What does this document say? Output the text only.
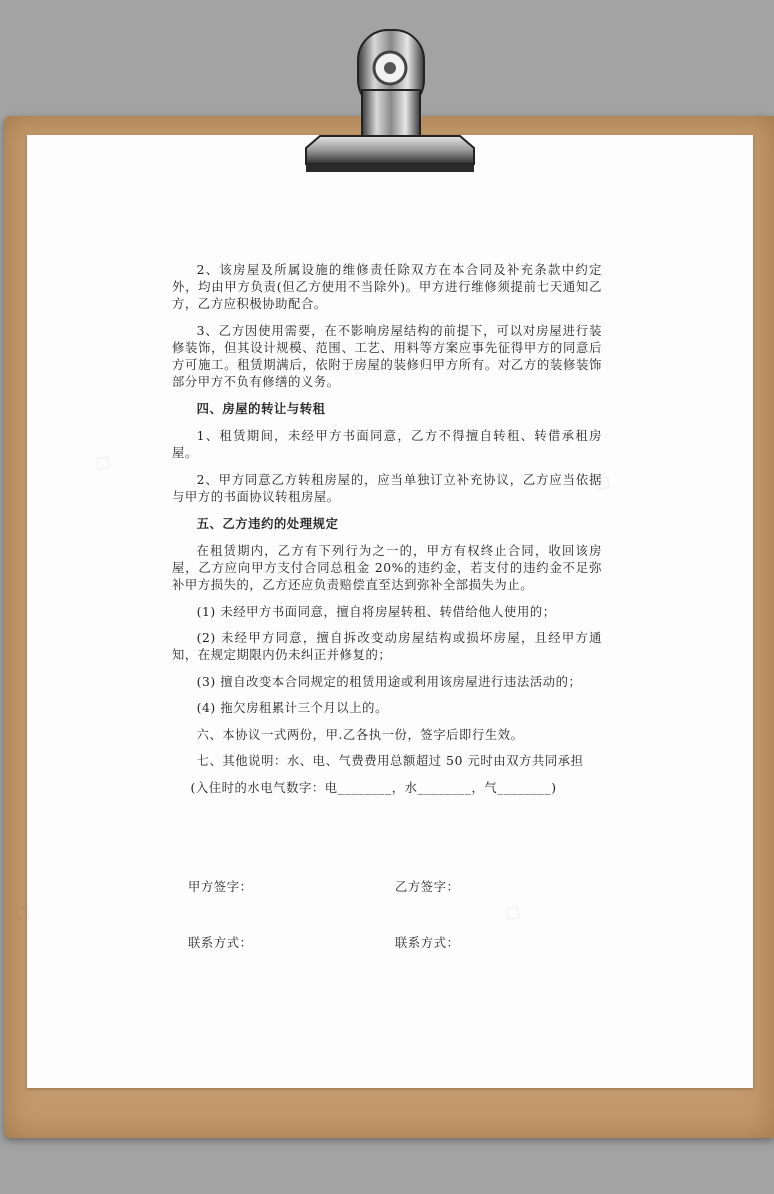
◇
◇
◇	◇

2、该房屋及所属设施的维修责任除双方在本合同及补充条款中约定外，均由甲方负责(但乙方使用不当除外)。甲方进行维修须提前七天通知乙方，乙方应积极协助配合。

3、乙方因使用需要，在不影响房屋结构的前提下，可以对房屋进行装修装饰，但其设计规模、范围、工艺、用料等方案应事先征得甲方的同意后方可施工。租赁期满后，依附于房屋的装修归甲方所有。对乙方的装修装饰部分甲方不负有修缮的义务。

四、房屋的转让与转租

1、租赁期间，未经甲方书面同意，乙方不得擅自转租、转借承租房屋。

2、甲方同意乙方转租房屋的，应当单独订立补充协议，乙方应当依据与甲方的书面协议转租房屋。

五、乙方违约的处理规定

在租赁期内，乙方有下列行为之一的，甲方有权终止合同，收回该房屋，乙方应向甲方支付合同总租金 20%的违约金，若支付的违约金不足弥补甲方损失的，乙方还应负责赔偿直至达到弥补全部损失为止。

(1) 未经甲方书面同意，擅自将房屋转租、转借给他人使用的；

(2) 未经甲方同意，擅自拆改变动房屋结构或损坏房屋，且经甲方通知，在规定期限内仍未纠正并修复的；

(3) 擅自改变本合同规定的租赁用途或利用该房屋进行违法活动的；

(4) 拖欠房租累计三个月以上的。

六、本协议一式两份，甲.乙各执一份，签字后即行生效。

七、其他说明：水、电、气费费用总额超过 50 元时由双方共同承担

(入住时的水电气数字：电________，水________，气________)

甲方签字：	乙方签字：
联系方式：	联系方式：
